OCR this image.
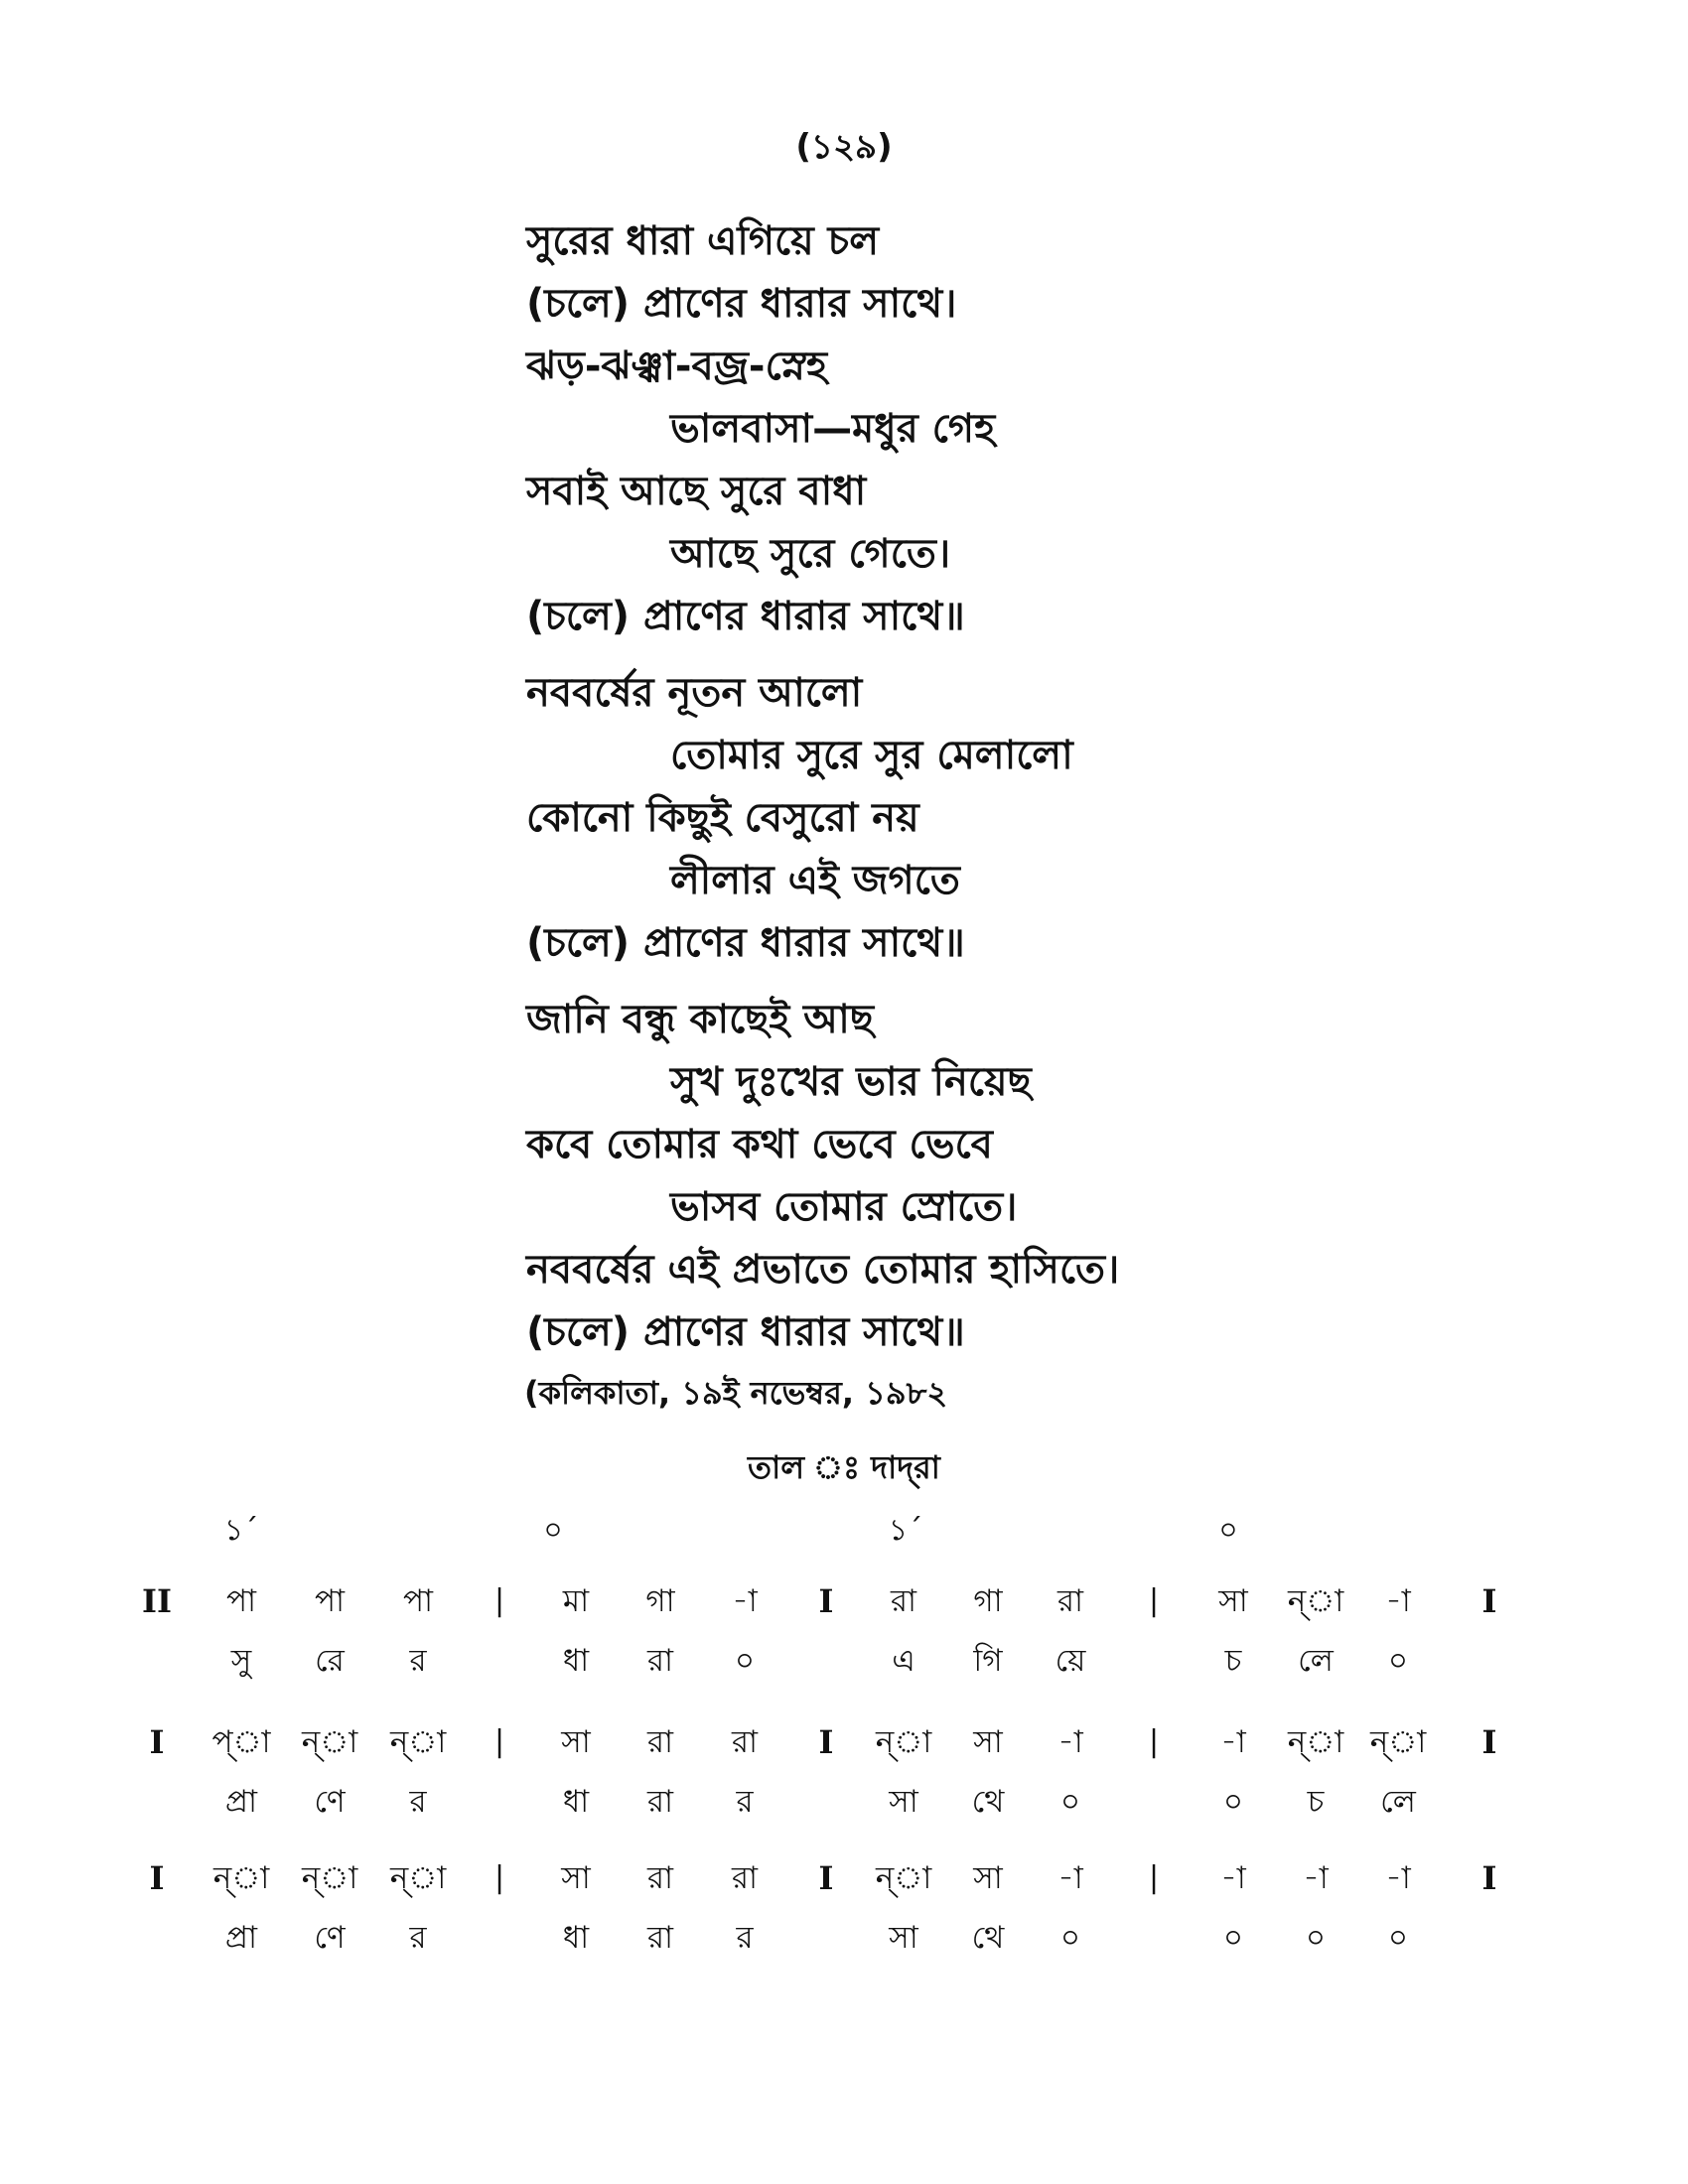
(১২৯)
সুরের ধারা এগিয়ে চল
(চলে) প্রাণের ধারার সাথে।
ঝড়-ঝঞ্ঝা-বজ্র-স্নেহ
ভালবাসা—মধুর গেহ
সবাই আছে সুরে বাধা
আছে সুরে গেতে।
(চলে) প্রাণের ধারার সাথে॥
নববর্ষের নূতন আলো
তোমার সুরে সুর মেলালো
কোনো কিছুই বেসুরো নয়
লীলার এই জগতে
(চলে) প্রাণের ধারার সাথে॥
জানি বন্ধু কাছেই আছ
সুখ দুঃখের ভার নিয়েছ
কবে তোমার কথা ভেবে ভেবে
ভাসব তোমার স্রোতে।
নববর্ষের এই প্রভাতে তোমার হাসিতে।
(চলে) প্রাণের ধারার সাথে॥
(কলিকাতা, ১৯ই নভেম্বর, ১৯৮২
তাল ঃ দাদ্‌রা
১´	০	১´	০
II	পা	পা	পা	|	মা	গা	-া	I	রা	গা	রা	|	সা	ন্‌া	-া	I
সু	রে	র	ধা	রা	০	এ	গি	য়ে	চ	লে	০
I	প্‌া	ন্‌া	ন্‌া	|	সা	রা	রা	I	ন্‌া	সা	-া	|	-া	ন্‌া ন্‌া	I
প্রা	ণে	র	ধা	রা	র	সা	থে	০	০	চ	লে
I	ন্‌া	ন্‌া	ন্‌া	|	সা	রা	রা	I	ন্‌া	সা	-া	|	-া	-া	-া	I
প্রা	ণে	র	ধা	রা	র	সা	থে	০	০	০	০
